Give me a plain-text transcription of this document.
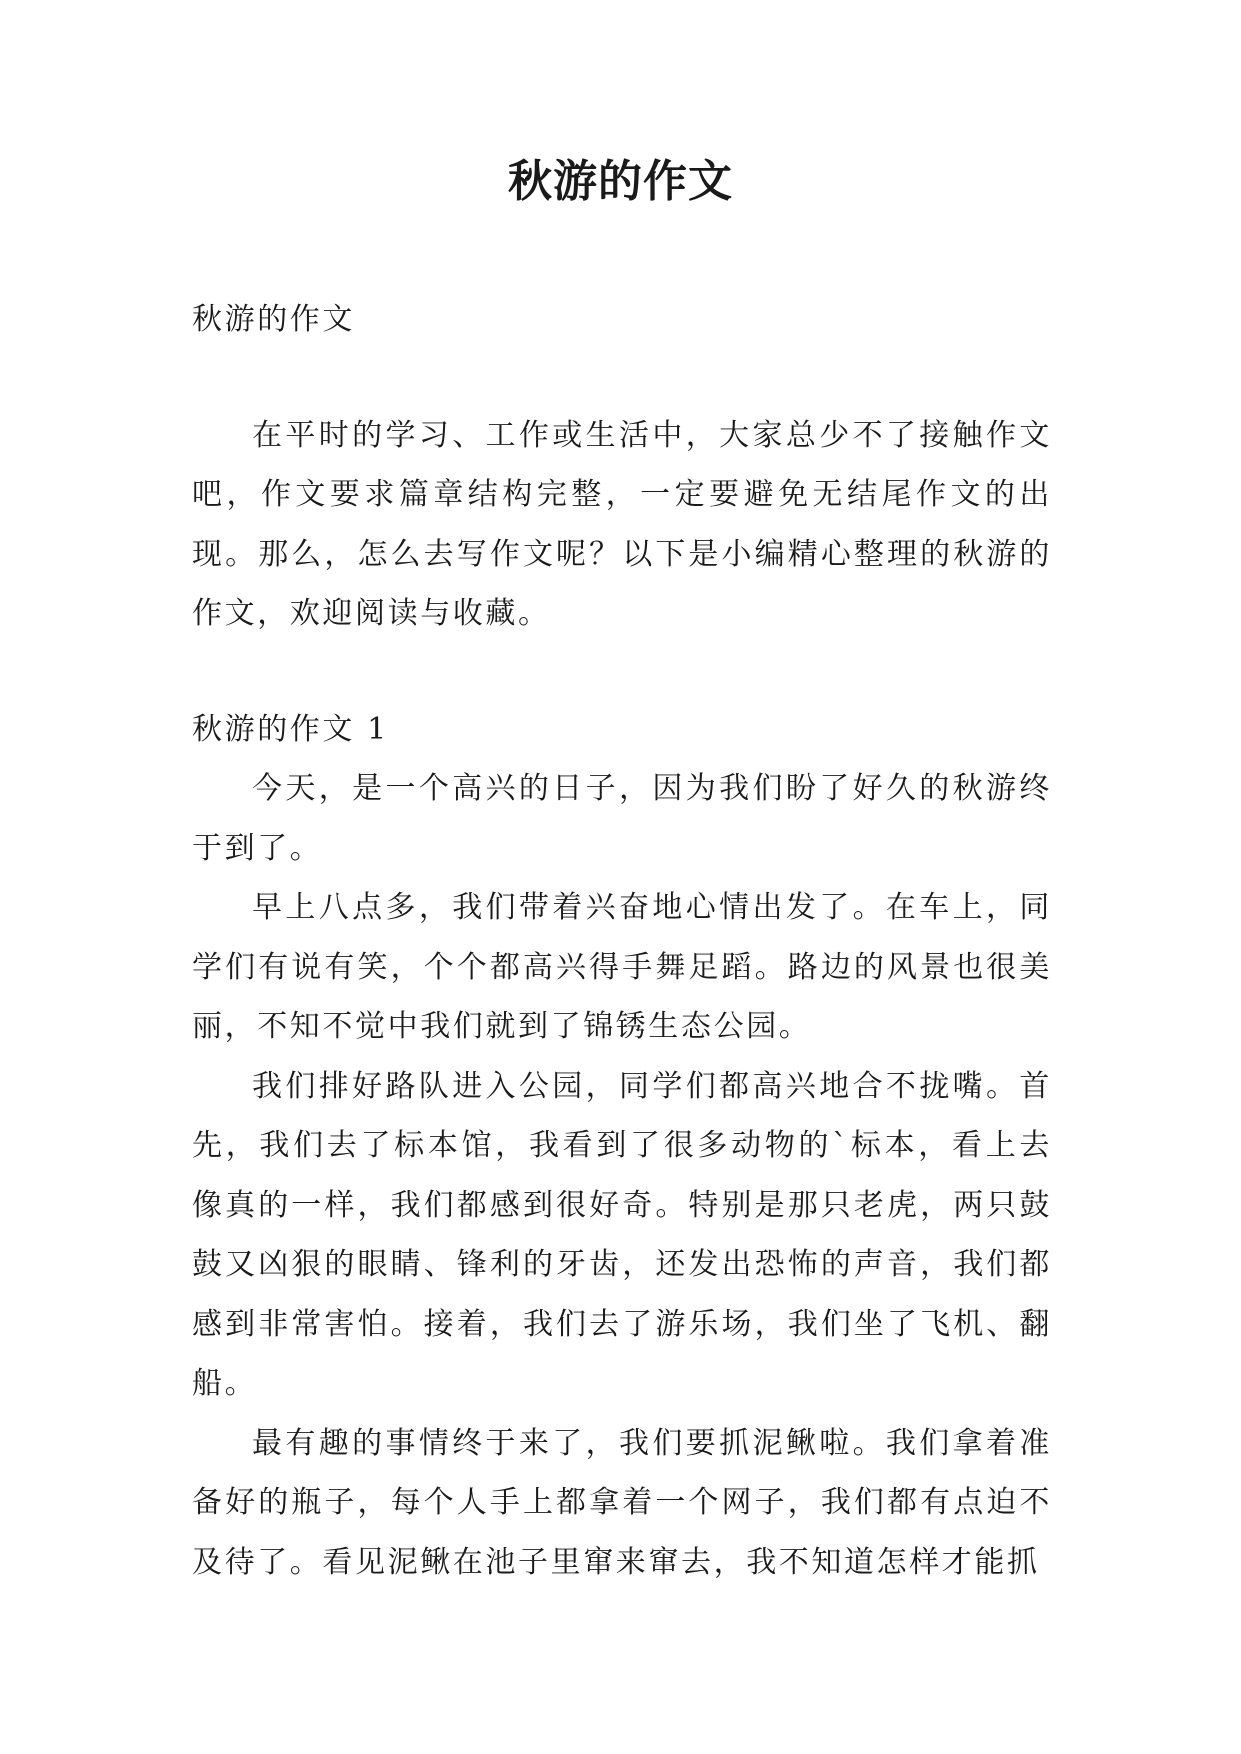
秋游的作文

秋游的作文

在平时的学习、工作或生活中，大家总少不了接触作文吧，作文要求篇章结构完整，一定要避免无结尾作文的出现。那么，怎么去写作文呢？以下是小编精心整理的秋游的作文，欢迎阅读与收藏。

秋游的作文 1

今天，是一个高兴的日子，因为我们盼了好久的秋游终于到了。

早上八点多，我们带着兴奋地心情出发了。在车上，同学们有说有笑，个个都高兴得手舞足蹈。路边的风景也很美丽，不知不觉中我们就到了锦锈生态公园。

我们排好路队进入公园，同学们都高兴地合不拢嘴。首先，我们去了标本馆，我看到了很多动物的`标本，看上去像真的一样，我们都感到很好奇。特别是那只老虎，两只鼓鼓又凶狠的眼睛、锋利的牙齿，还发出恐怖的声音，我们都感到非常害怕。接着，我们去了游乐场，我们坐了飞机、翻船。

最有趣的事情终于来了，我们要抓泥鳅啦。我们拿着准备好的瓶子，每个人手上都拿着一个网子，我们都有点迫不及待了。看见泥鳅在池子里窜来窜去，我不知道怎样才能抓
